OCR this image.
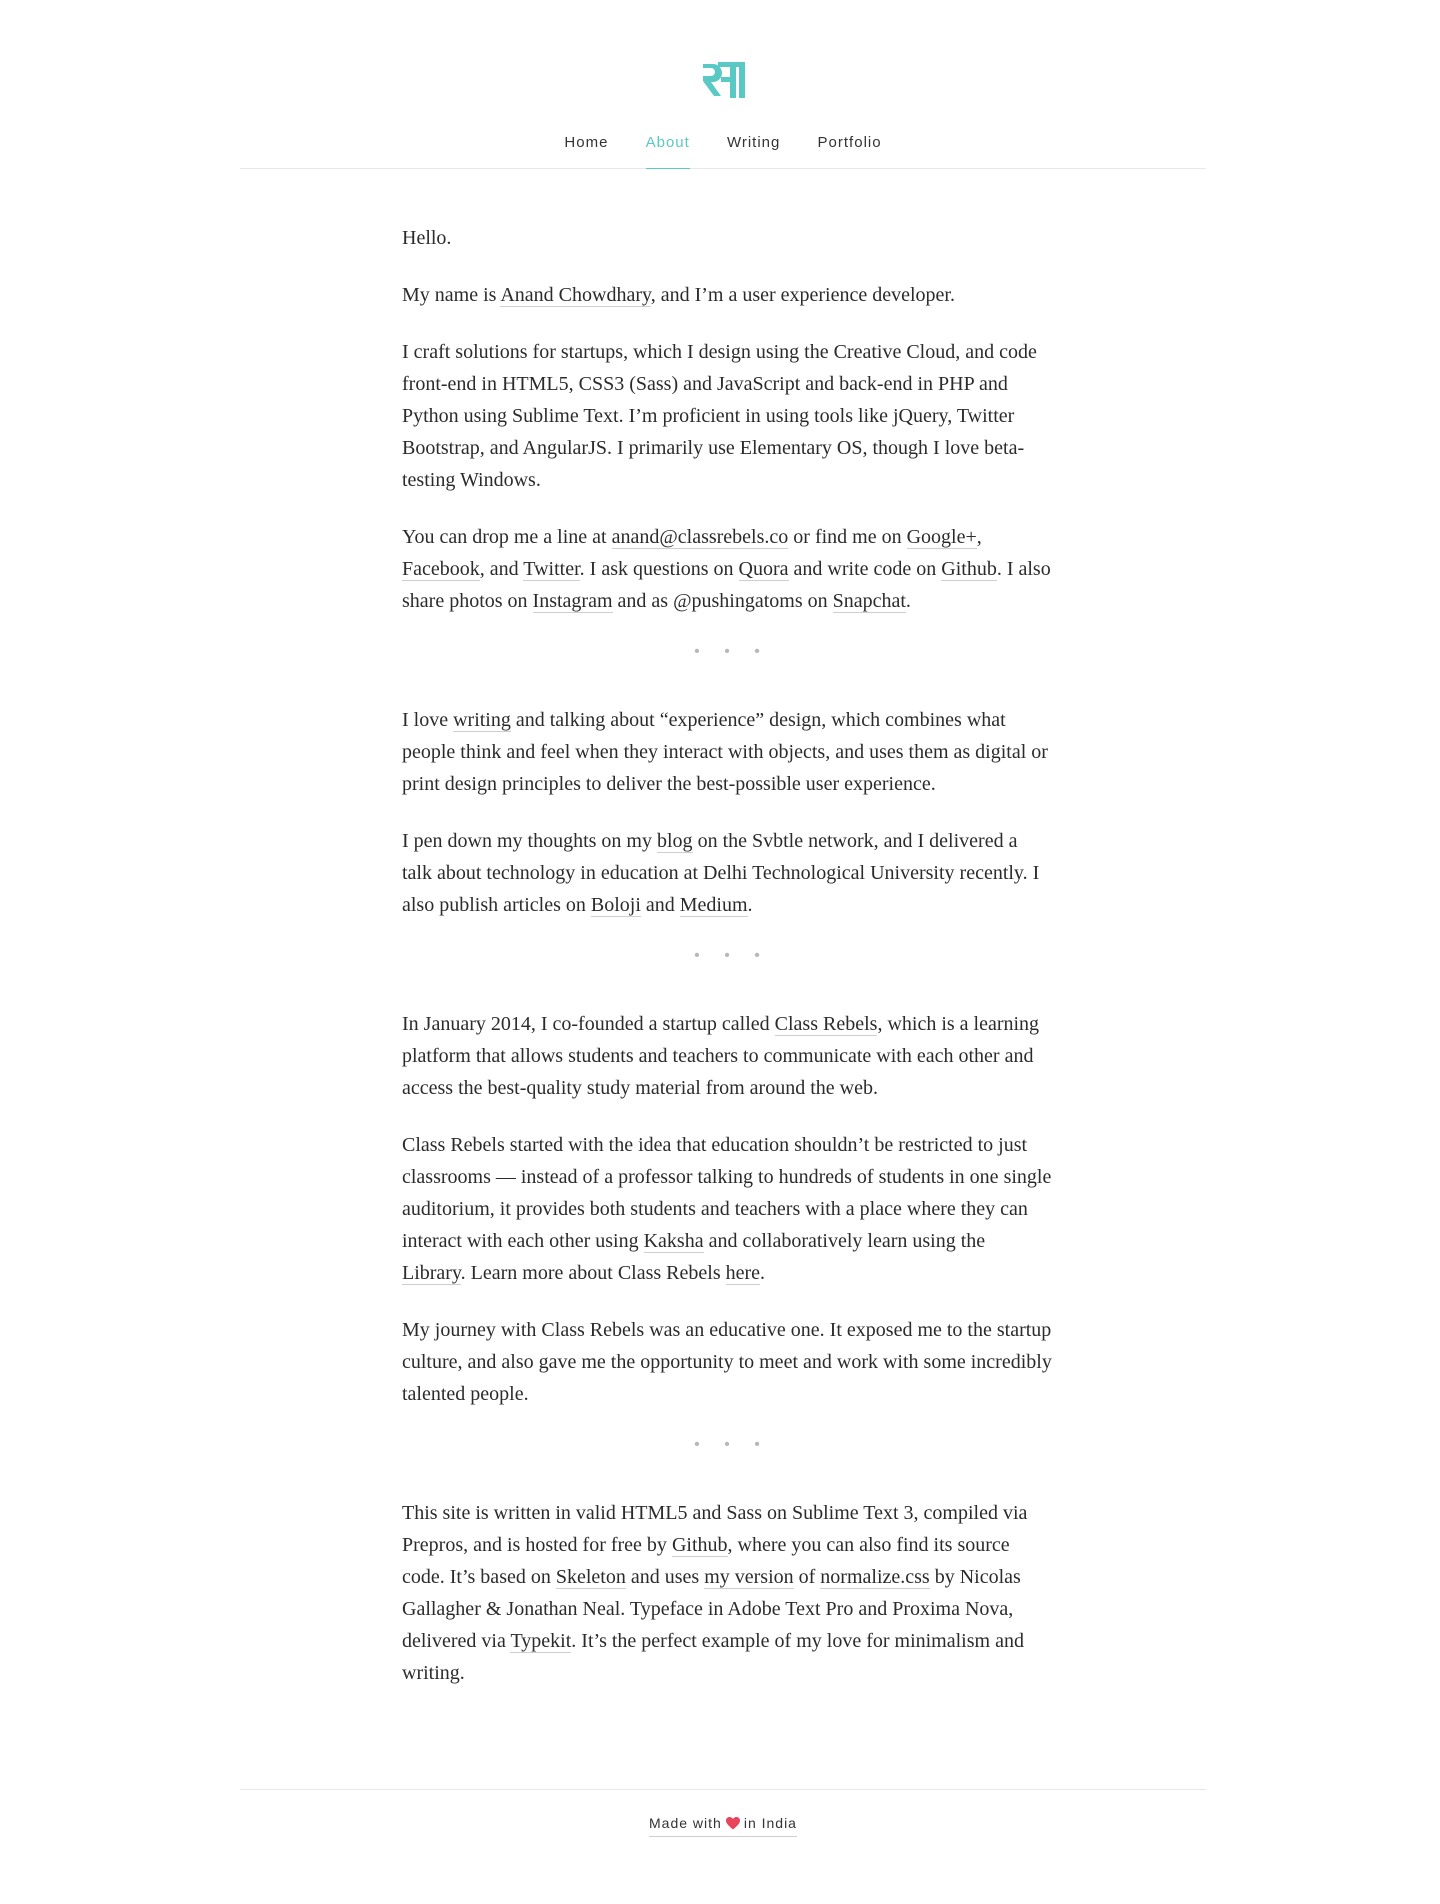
Home About Writing Portfolio

Hello.

My name is Anand Chowdhary, and I’m a user experience developer.

I craft solutions for startups, which I design using the Creative Cloud, and code front-end in HTML5, CSS3 (Sass) and JavaScript and back-end in PHP and Python using Sublime Text. I’m proficient in using tools like jQuery, Twitter Bootstrap, and AngularJS. I primarily use Elementary OS, though I love beta-testing Windows.

You can drop me a line at anand@classrebels.co or find me on Google+, Facebook, and Twitter. I ask questions on Quora and write code on Github. I also share photos on Instagram and as @pushingatoms on Snapchat.

• • •

I love writing and talking about “experience” design, which combines what people think and feel when they interact with objects, and uses them as digital or print design principles to deliver the best-possible user experience.

I pen down my thoughts on my blog on the Svbtle network, and I delivered a talk about technology in education at Delhi Technological University recently. I also publish articles on Boloji and Medium.

• • •

In January 2014, I co-founded a startup called Class Rebels, which is a learning platform that allows students and teachers to communicate with each other and access the best-quality study material from around the web.

Class Rebels started with the idea that education shouldn’t be restricted to just classrooms — instead of a professor talking to hundreds of students in one single auditorium, it provides both students and teachers with a place where they can interact with each other using Kaksha and collaboratively learn using the Library. Learn more about Class Rebels here.

My journey with Class Rebels was an educative one. It exposed me to the startup culture, and also gave me the opportunity to meet and work with some incredibly talented people.

• • •

This site is written in valid HTML5 and Sass on Sublime Text 3, compiled via Prepros, and is hosted for free by Github, where you can also find its source code. It’s based on Skeleton and uses my version of normalize.css by Nicolas Gallagher & Jonathan Neal. Typeface in Adobe Text Pro and Proxima Nova, delivered via Typekit. It’s the perfect example of my love for minimalism and writing.

Made with in India
